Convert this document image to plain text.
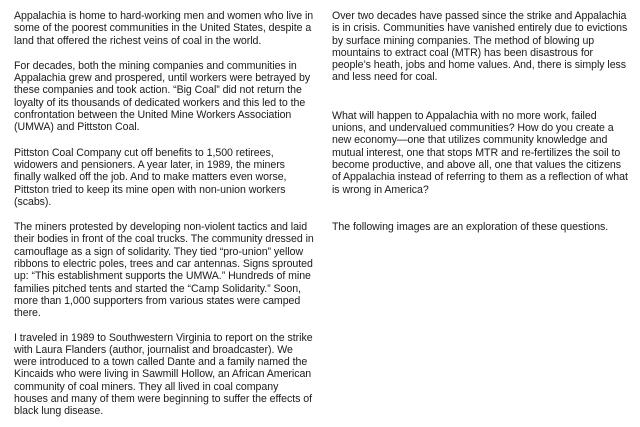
Appalachia is home to hard-working men and women who live in some of the poorest communities in the United States, despite a land that offered the richest veins of coal in the world.

For decades, both the mining companies and communities in Appalachia grew and prospered, until workers were betrayed by these companies and took action. “Big Coal” did not return the loyalty of its thousands of dedicated workers and this led to the confrontation between the United Mine Workers Association (UMWA) and Pittston Coal.

Pittston Coal Company cut off benefits to 1,500 retirees, widowers and pensioners. A year later, in 1989, the miners finally walked off the job. And to make matters even worse, Pittston tried to keep its mine open with non-union workers (scabs).

The miners protested by developing non-violent tactics and laid their bodies in front of the coal trucks. The community dressed in camouflage as a sign of solidarity. They tied “pro-union” yellow ribbons to electric poles, trees and car antennas. Signs sprouted up: “This establishment supports the UMWA.” Hundreds of mine families pitched tents and started the “Camp Solidarity.” Soon, more than 1,000 supporters from various states were camped there.

I traveled in 1989 to Southwestern Virginia to report on the strike with Laura Flanders (author, journalist and broadcaster). We were introduced to a town called Dante and a family named the Kincaids who were living in Sawmill Hollow, an African American community of coal miners. They all lived in coal company houses and many of them were beginning to suffer the effects of black lung disease.

Over two decades have passed since the strike and Appalachia is in crisis. Communities have vanished entirely due to evictions by surface mining companies. The method of blowing up mountains to extract coal (MTR) has been disastrous for people’s heath, jobs and home values. And, there is simply less and less need for coal.

What will happen to Appalachia with no more work, failed unions, and undervalued communities? How do you create a new economy—one that utilizes community knowledge and mutual interest, one that stops MTR and re-fertilizes the soil to become productive, and above all, one that values the citizens of Appalachia instead of referring to them as a reflection of what is wrong in America?

The following images are an exploration of these questions.
